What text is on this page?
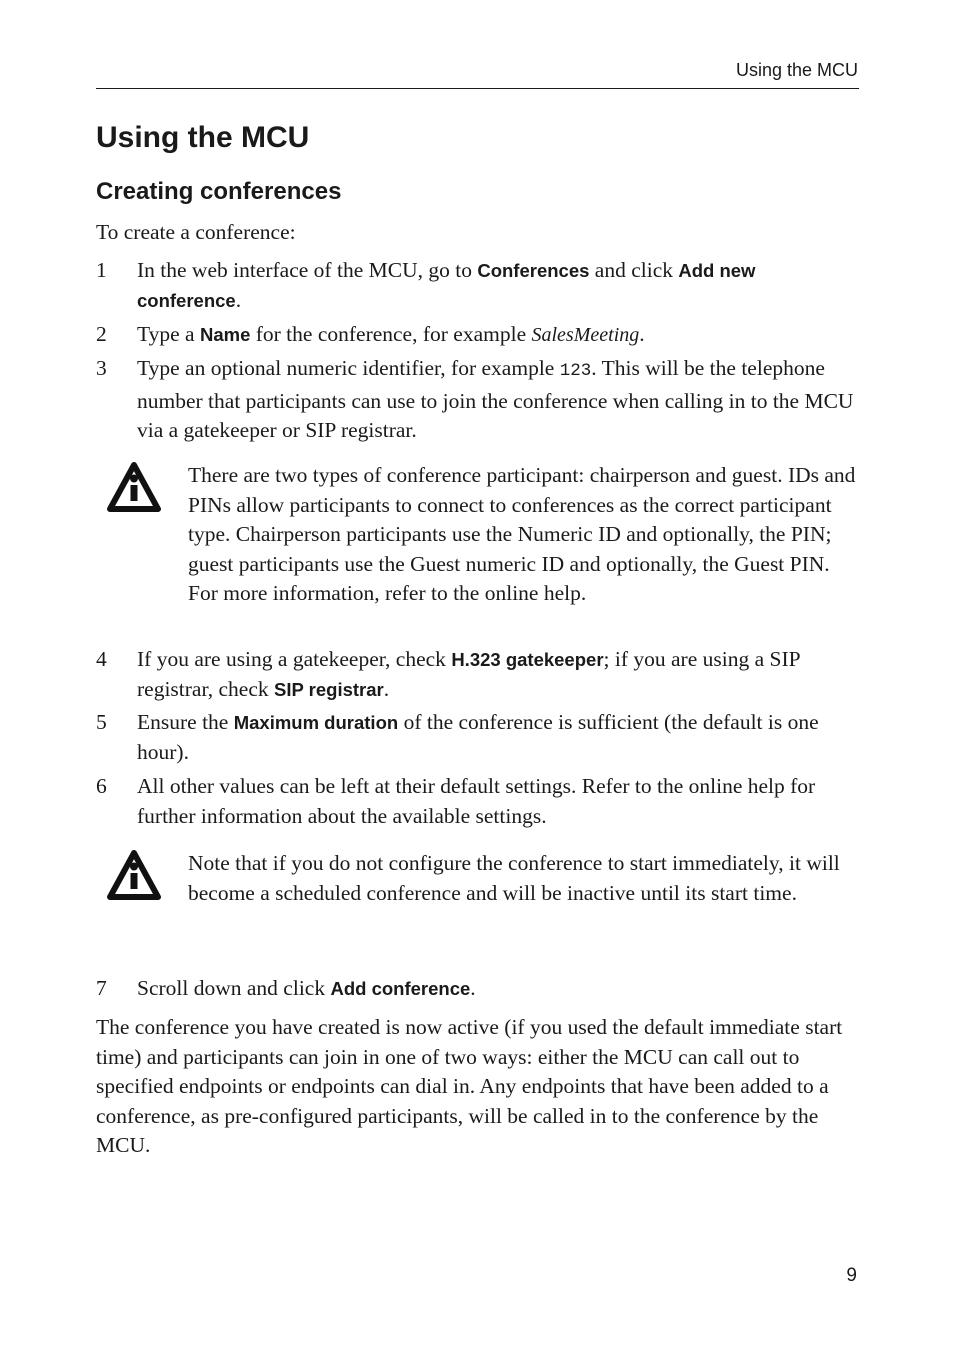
Using the MCU
Using the MCU
Creating conferences

To create a conference:

1	In the web interface of the MCU, go to Conferences and click Add new conference.
2	Type a Name for the conference, for example SalesMeeting.
3	Type an optional numeric identifier, for example 123. This will be the telephone number that participants can use to join the conference when calling in to the MCU via a gatekeeper or SIP registrar.
There are two types of conference participant: chairperson and guest. IDs and PINs allow participants to connect to conferences as the correct participant type. Chairperson participants use the Numeric ID and optionally, the PIN; guest participants use the Guest numeric ID and optionally, the Guest PIN. For more information, refer to the online help.
4	If you are using a gatekeeper, check H.323 gatekeeper; if you are using a SIP registrar, check SIP registrar.
5	Ensure the Maximum duration of the conference is sufficient (the default is one hour).
6	All other values can be left at their default settings. Refer to the online help for further information about the available settings.
Note that if you do not configure the conference to start immediately, it will become a scheduled conference and will be inactive until its start time.
7	Scroll down and click Add conference.

The conference you have created is now active (if you used the default immediate start time) and participants can join in one of two ways: either the MCU can call out to specified endpoints or endpoints can dial in. Any endpoints that have been added to a conference, as pre-configured participants, will be called in to the conference by the MCU.

9
